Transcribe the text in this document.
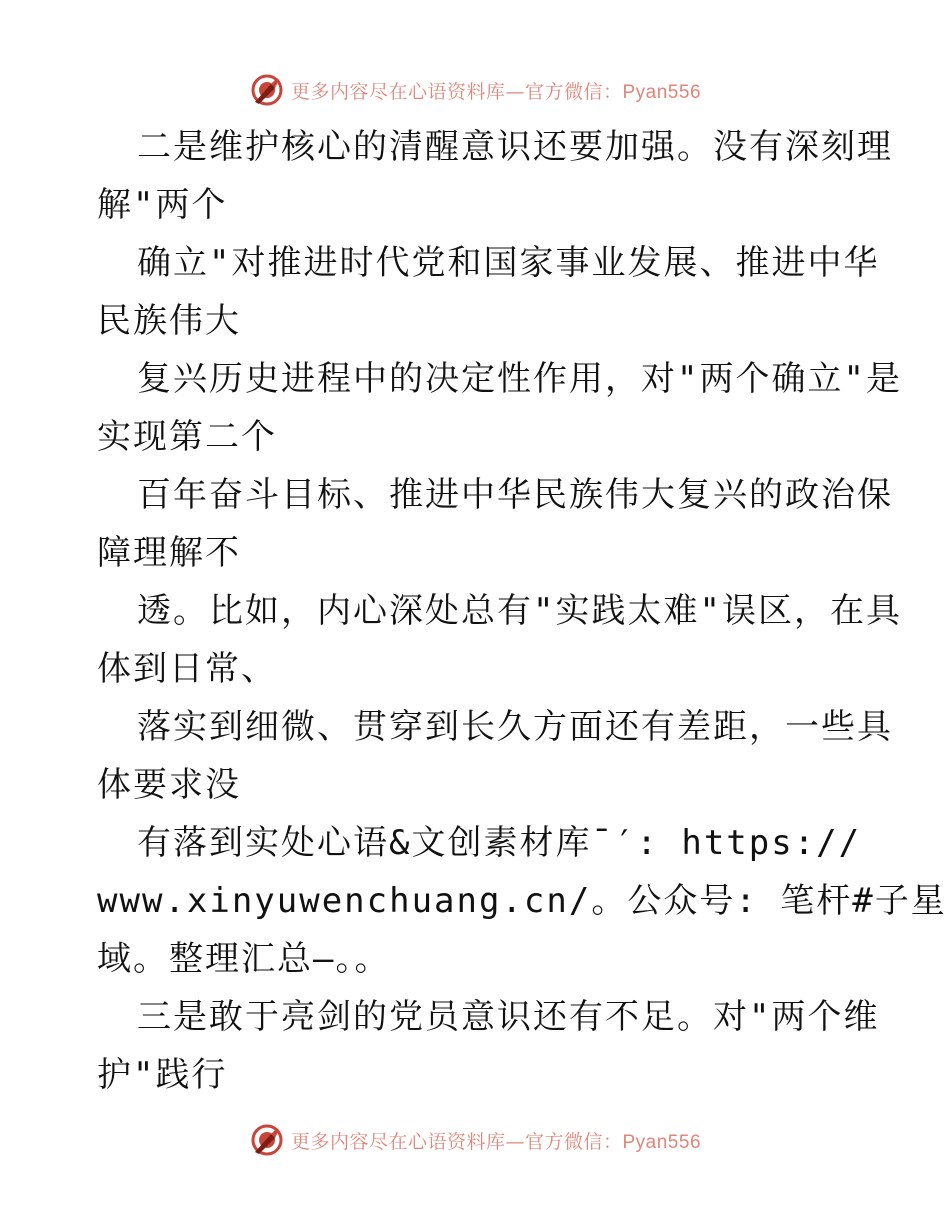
更多内容尽在心语资料库—官方微信：Pyan556
二是维护核心的清醒意识还要加强。没有深刻理
解"两个
确立"对推进时代党和国家事业发展、推进中华
民族伟大
复兴历史进程中的决定性作用，对"两个确立"是
实现第二个
百年奋斗目标、推进中华民族伟大复兴的政治保
障理解不
透。比如，内心深处总有"实践太难"误区，在具
体到日常、
落实到细微、贯穿到长久方面还有差距，一些具
体要求没
有落到实处心语&文创素材库¯′: https://
www.xinyuwenchuang.cn/。公众号: 笔杆#子星
域。整理汇总—。。
三是敢于亮剑的党员意识还有不足。对"两个维
护"践行
更多内容尽在心语资料库—官方微信：Pyan556
